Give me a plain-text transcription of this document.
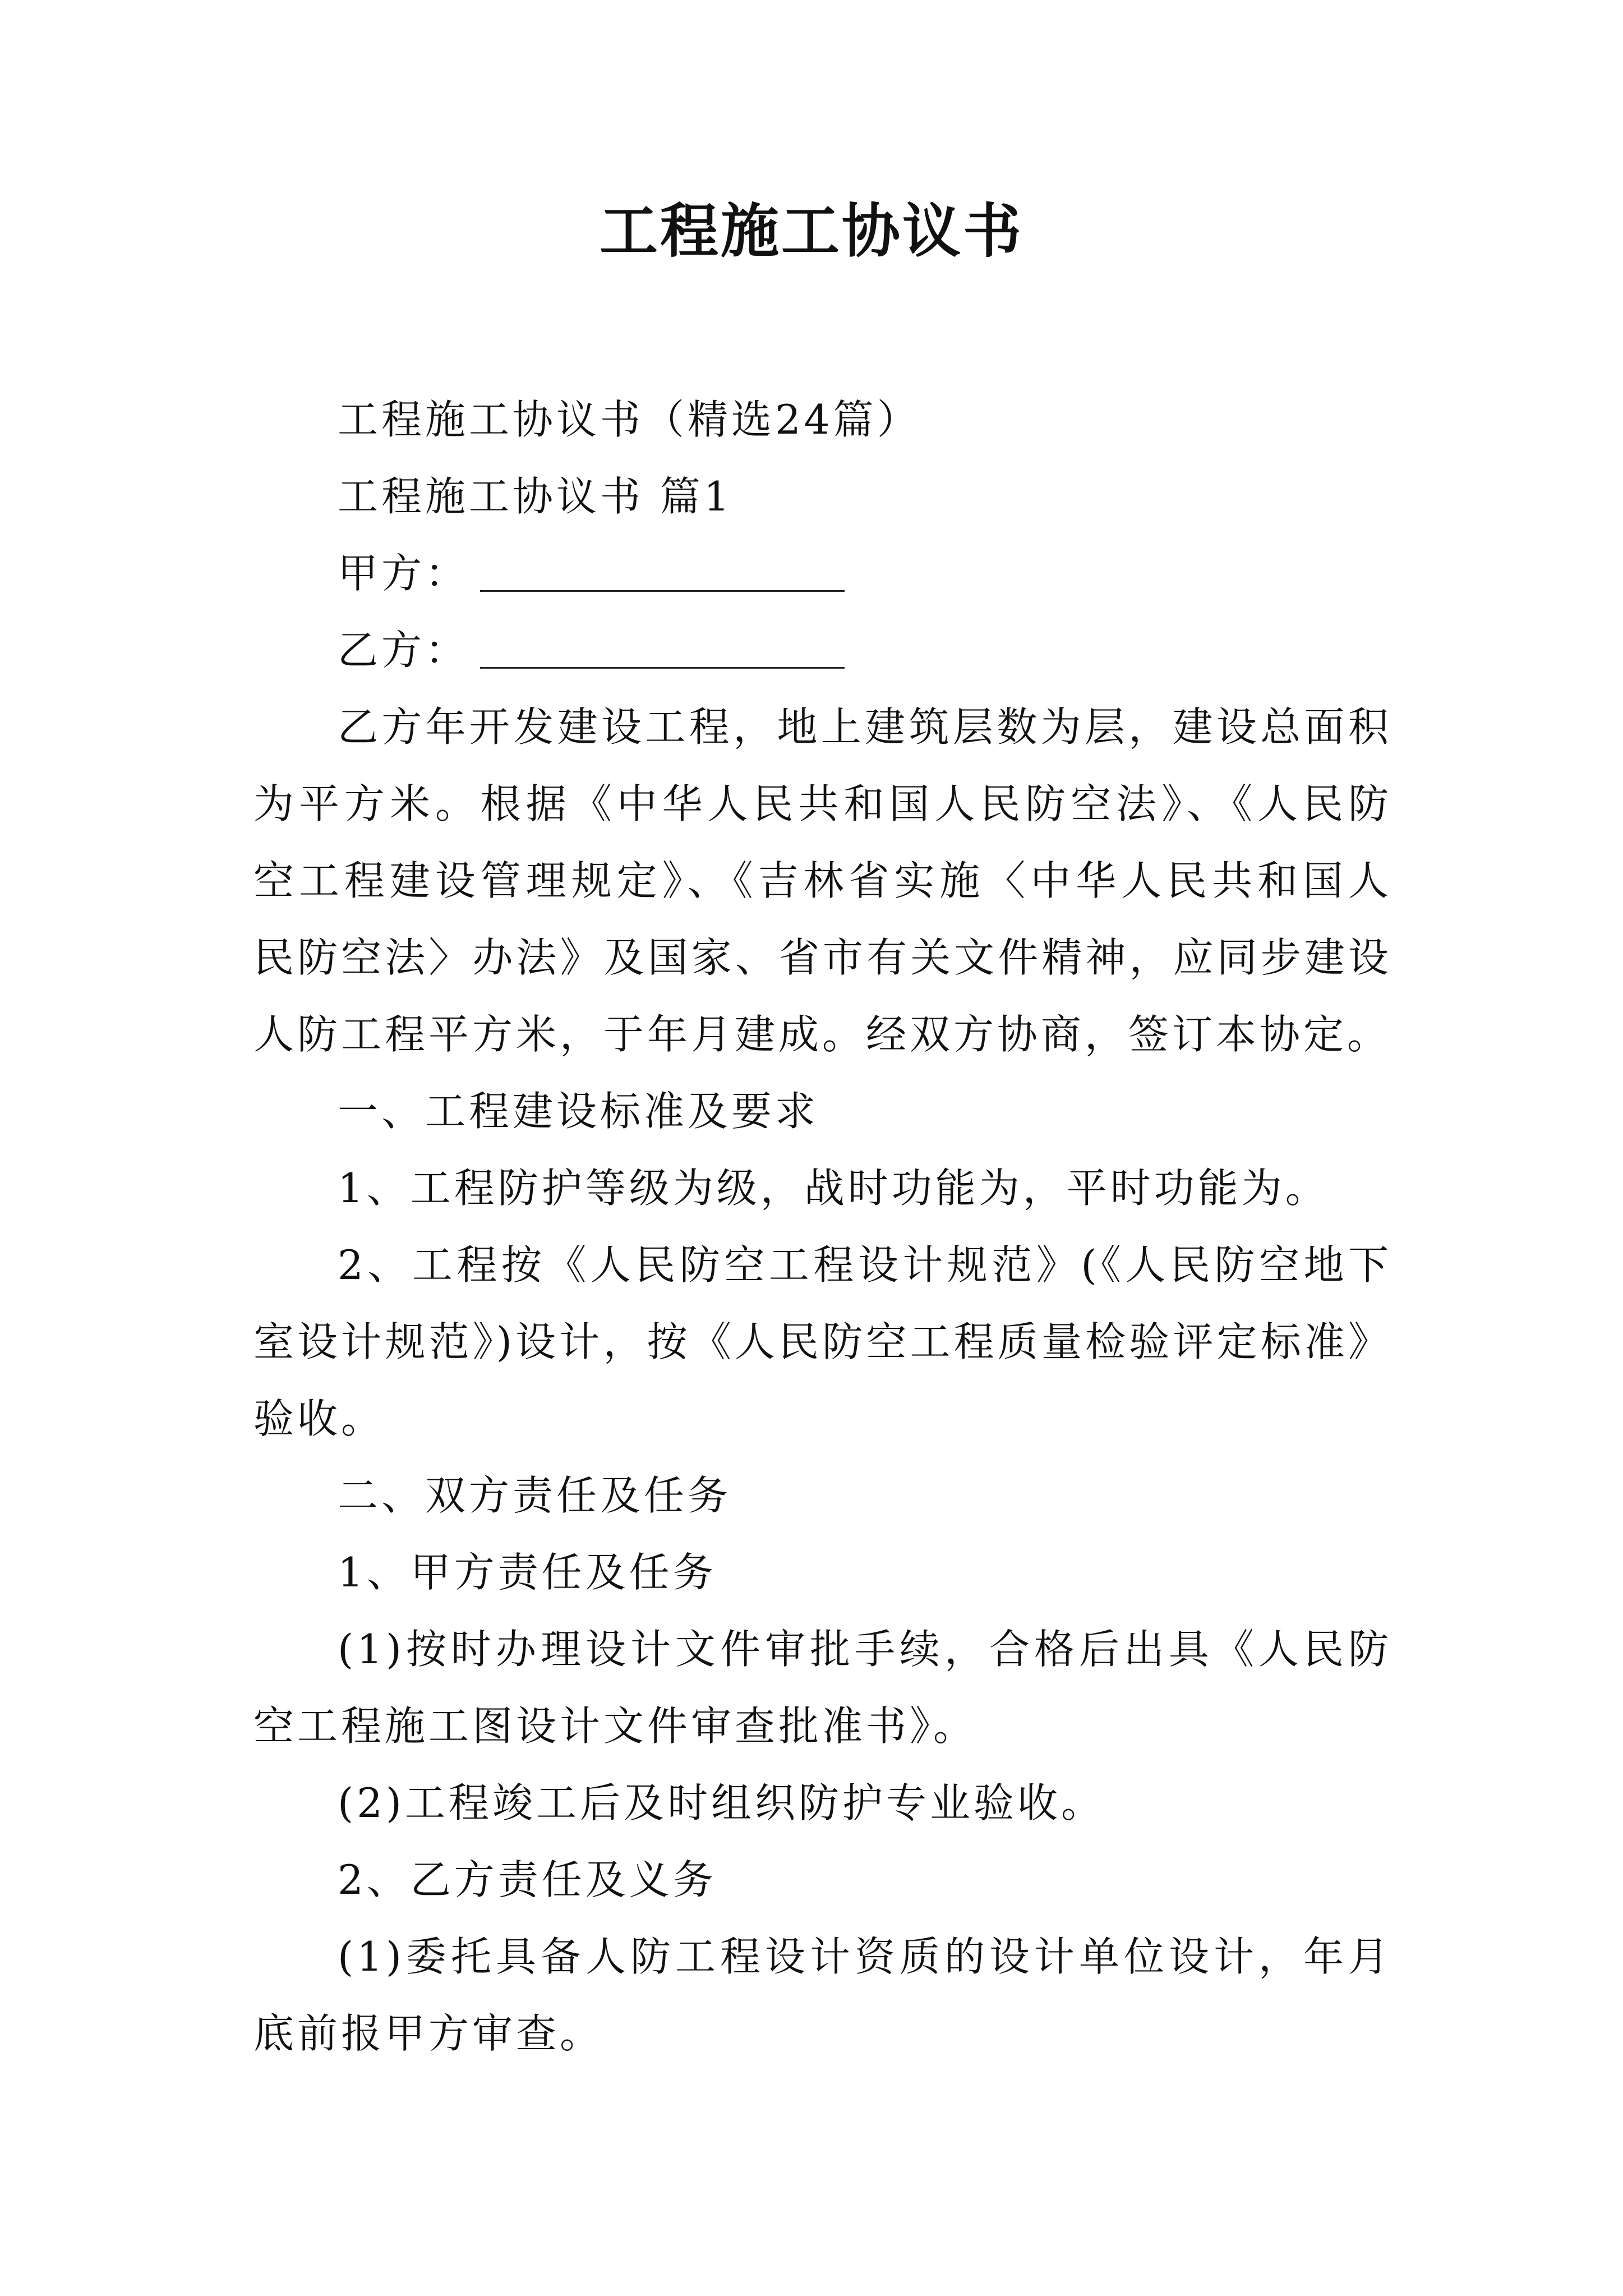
工程施工协议书

工程施工协议书（精选24篇）

工程施工协议书 篇1

甲方：

乙方：

乙方年开发建设工程，地上建筑层数为层，建设总面积为平方米。根据《中华人民共和国人民防空法》、《人民防空工程建设管理规定》、《吉林省实施〈中华人民共和国人民防空法〉办法》及国家、省市有关文件精神，应同步建设人防工程平方米，于年月建成。经双方协商，签订本协定。

一、工程建设标准及要求

1、工程防护等级为级，战时功能为，平时功能为。

2、工程按《人民防空工程设计规范》(《人民防空地下室设计规范》)设计，按《人民防空工程质量检验评定标准》验收。

二、双方责任及任务

1、甲方责任及任务

(1)按时办理设计文件审批手续，合格后出具《人民防空工程施工图设计文件审查批准书》。

(2)工程竣工后及时组织防护专业验收。

2、乙方责任及义务

(1)委托具备人防工程设计资质的设计单位设计，年月底前报甲方审查。
